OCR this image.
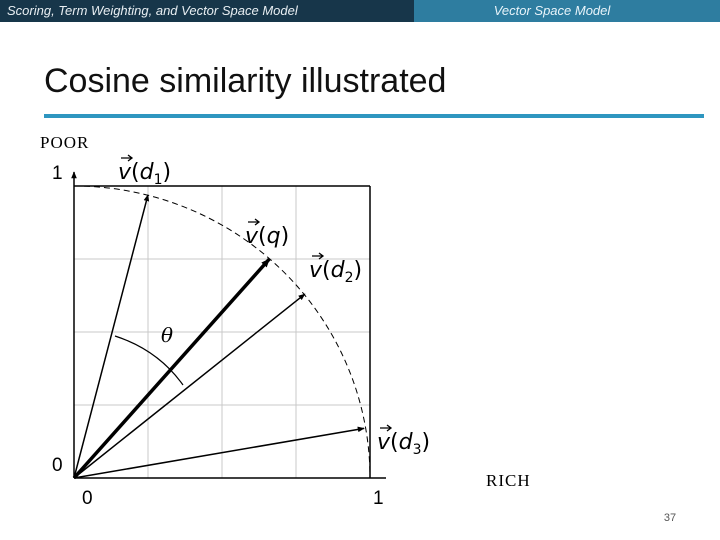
Scoring, Term Weighting, and Vector Space Model	Vector Space Model
Cosine similarity illustrated
POOR
RICH
1
0
0	1
θ
$v(d_1)$
v(q)
$v(d_2)$
$v(d_3)$
37
